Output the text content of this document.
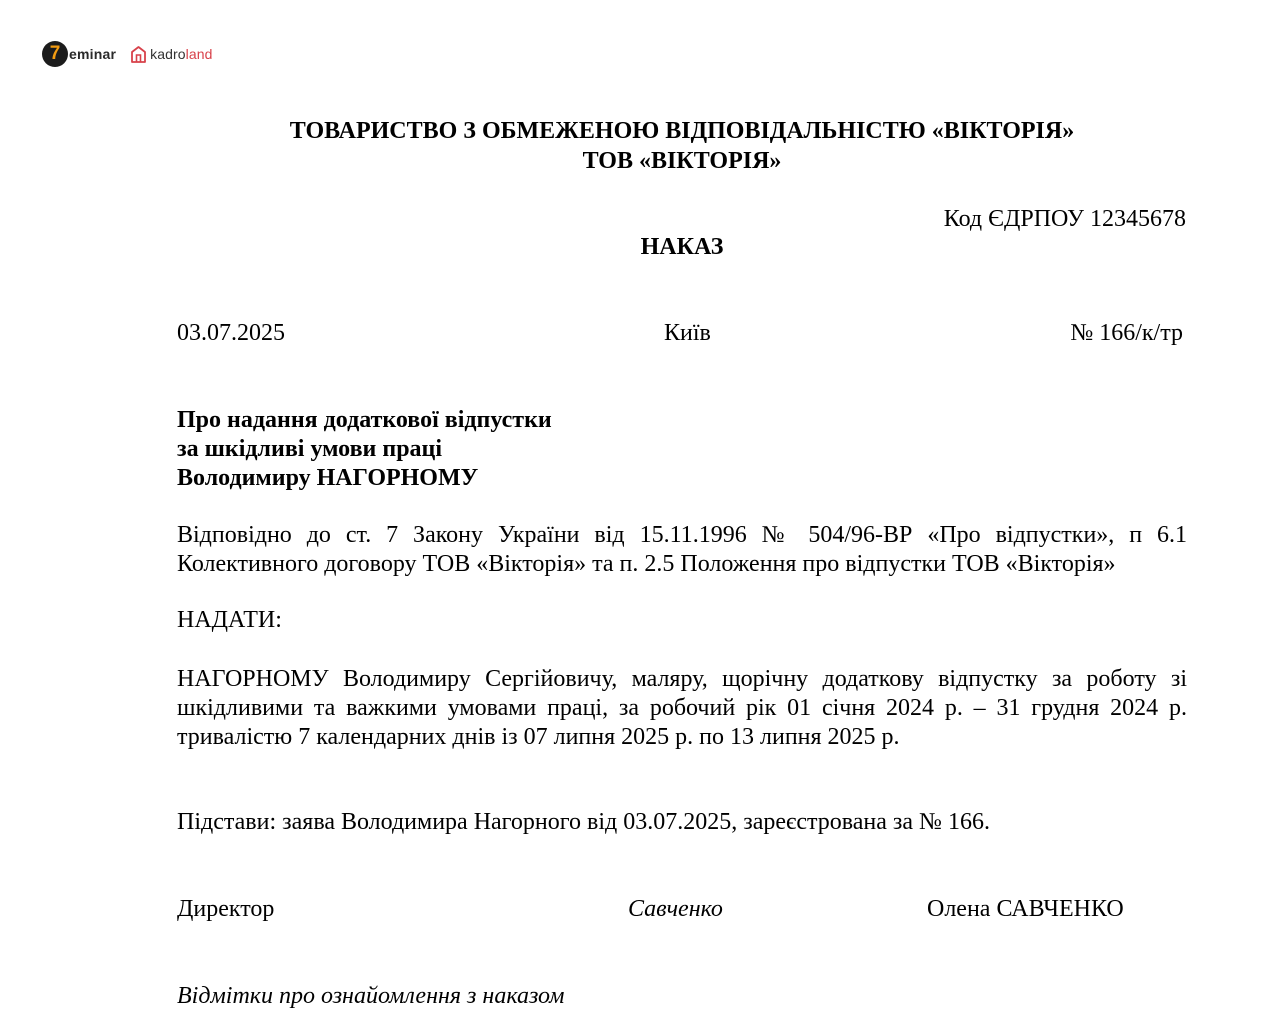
7 eminar kadroland
ТОВАРИСТВО З ОБМЕЖЕНОЮ ВІДПОВІДАЛЬНІСТЮ «ВІКТОРІЯ»
ТОВ «ВІКТОРІЯ»
Код ЄДРПОУ 12345678
НАКАЗ
03.07.2025	Київ	№ 166/к/тр
Про надання додаткової відпустки
за шкідливі умови праці
Володимиру НАГОРНОМУ
Відповідно до ст. 7 Закону України від 15.11.1996 № 504/96-ВР «Про відпустки», п 6.1 Колективного договору ТОВ «Вікторія» та п. 2.5 Положення про відпустки ТОВ «Вікторія»
НАДАТИ:
НАГОРНОМУ Володимиру Сергійовичу, маляру, щорічну додаткову відпустку за роботу зі шкідливими та важкими умовами праці, за робочий рік 01 січня 2024 р. – 31 грудня 2024 р. тривалістю 7 календарних днів із 07 липня 2025 р. по 13 липня 2025 р.
Підстави: заява Володимира Нагорного від 03.07.2025, зареєстрована за № 166.
Директор	Савченко	Олена САВЧЕНКО
Відмітки про ознайомлення з наказом
